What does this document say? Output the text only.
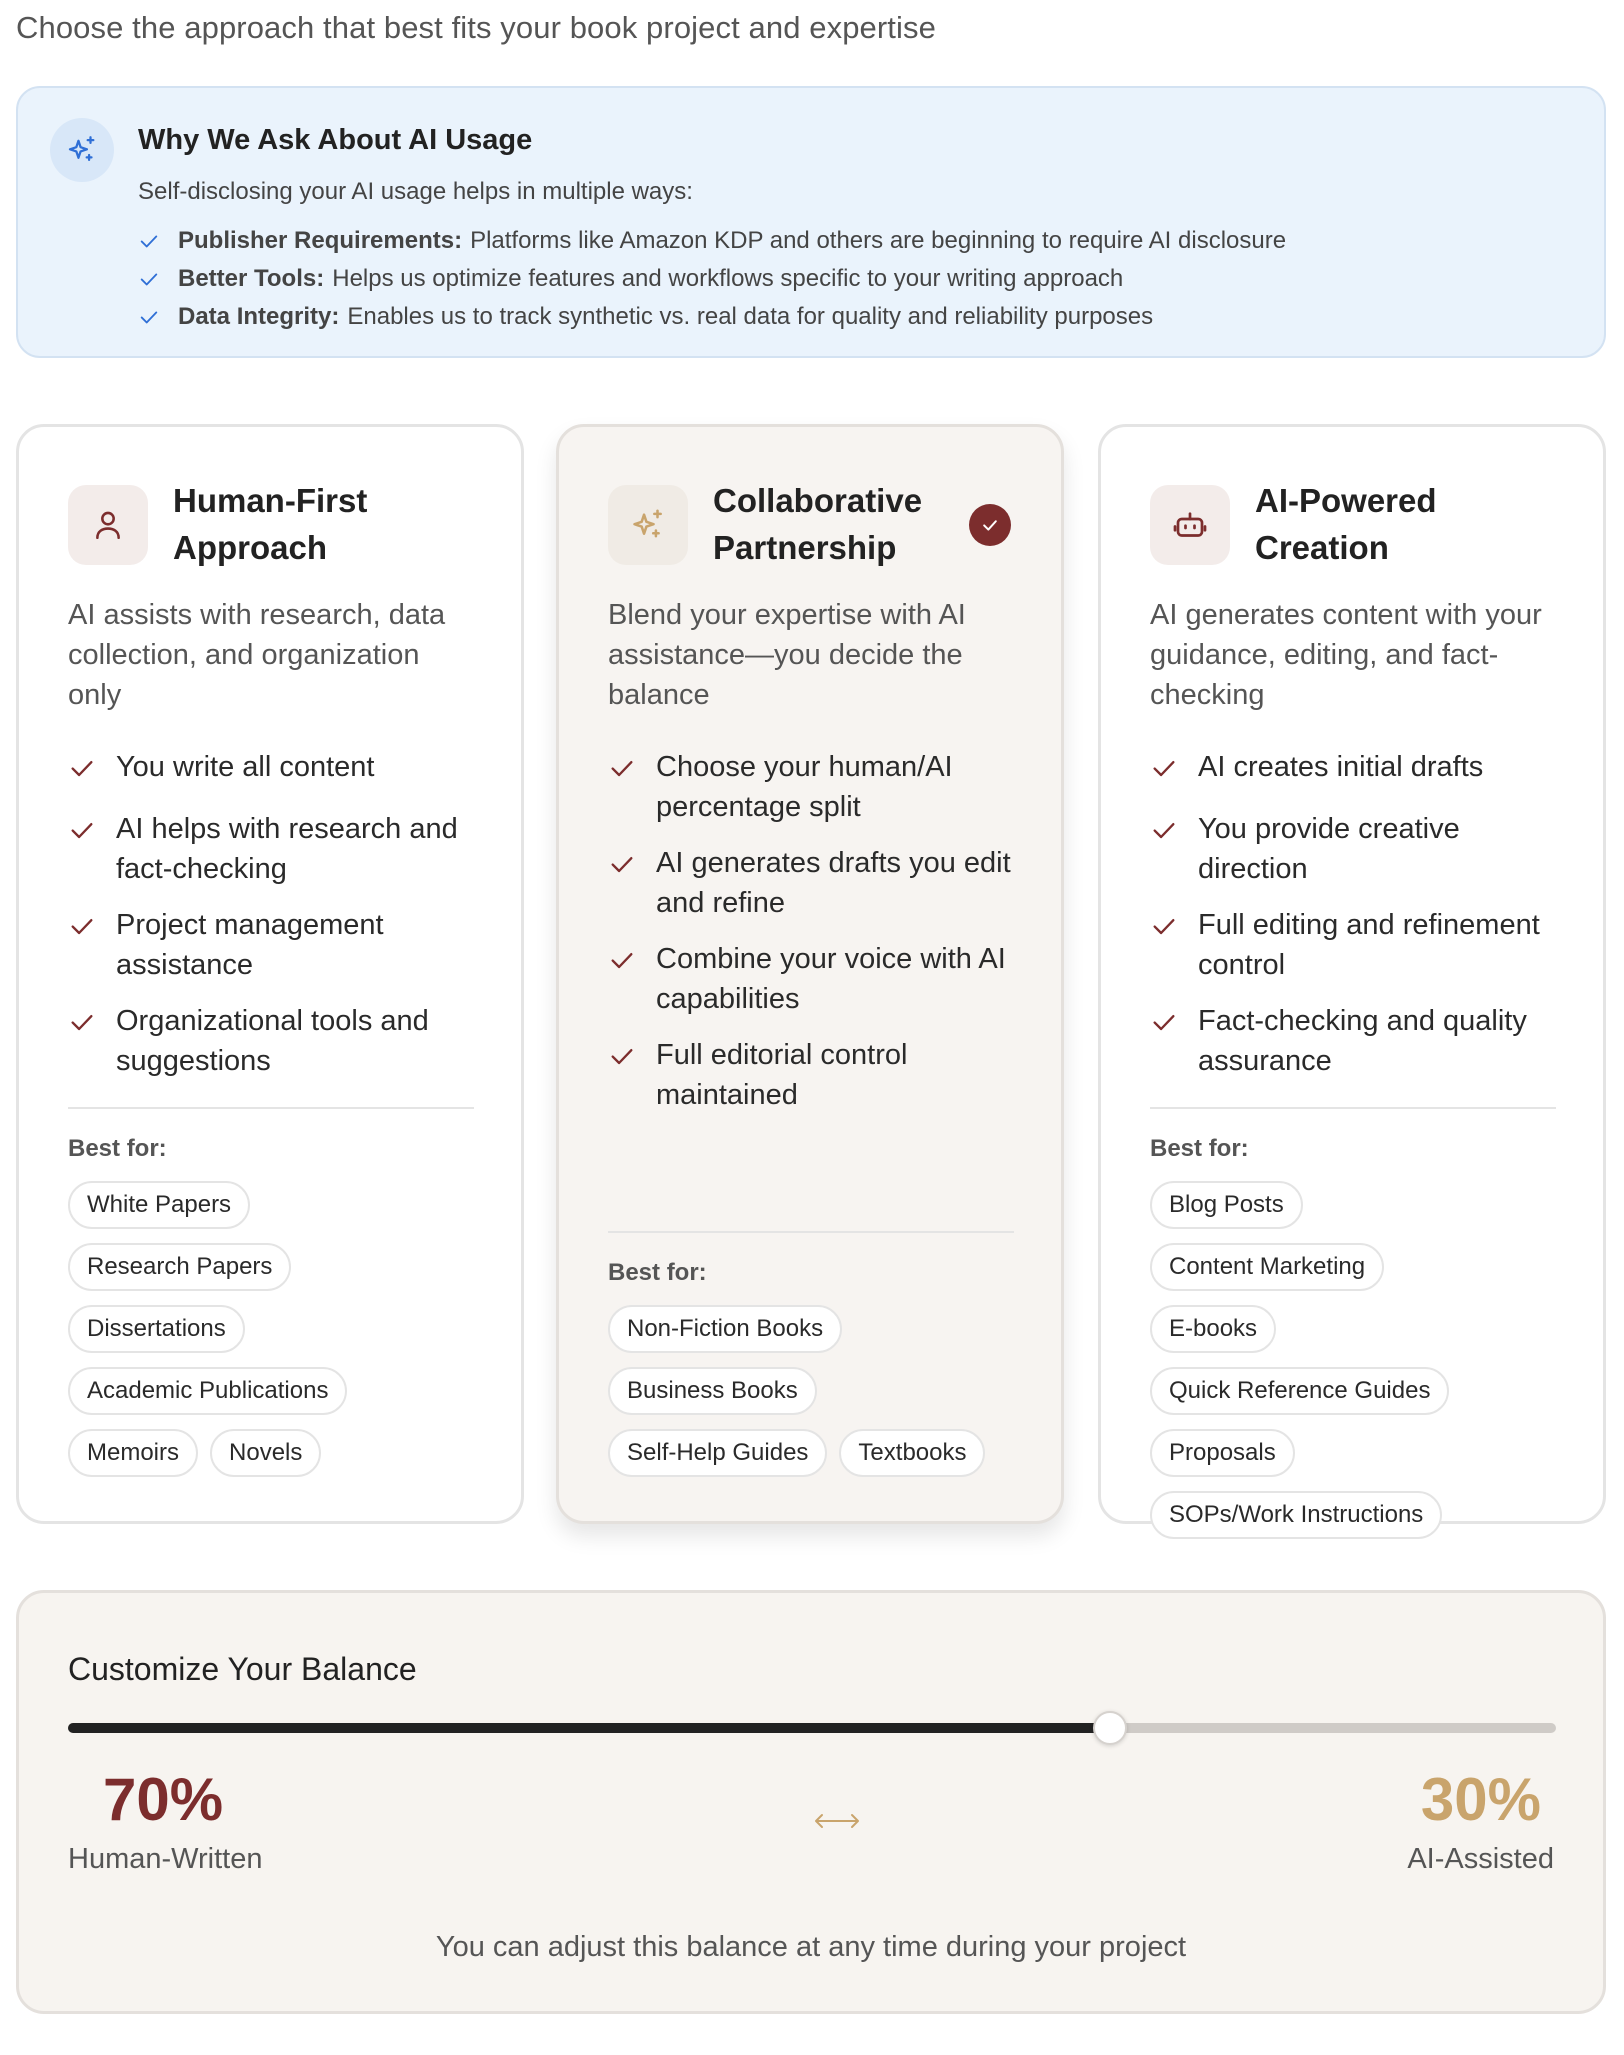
Choose the approach that best fits your book project and expertise
Why We Ask About AI Usage
Self-disclosing your AI usage helps in multiple ways:
Publisher Requirements: Platforms like Amazon KDP and others are beginning to require AI disclosure
Better Tools: Helps us optimize features and workflows specific to your writing approach
Data Integrity: Enables us to track synthetic vs. real data for quality and reliability purposes
Human-First Approach
AI assists with research, data collection, and organization only
You write all content
AI helps with research and fact-checking
Project management assistance
Organizational tools and suggestions
Best for:
White Papers
Research Papers
Dissertations
Academic Publications
Memoirs	Novels
Collaborative Partnership
Blend your expertise with AI assistance—you decide the balance
Choose your human/AI percentage split
AI generates drafts you edit and refine
Combine your voice with AI capabilities
Full editorial control maintained
Best for:
Non-Fiction Books
Business Books
Self-Help Guides	Textbooks
AI-Powered Creation
AI generates content with your guidance, editing, and fact-checking
AI creates initial drafts
You provide creative direction
Full editing and refinement control
Fact-checking and quality assurance
Best for:
Blog Posts
Content Marketing
E-books
Quick Reference Guides
Proposals
SOPs/Work Instructions
Customize Your Balance
70%
Human-Written
30%
AI-Assisted
You can adjust this balance at any time during your project
